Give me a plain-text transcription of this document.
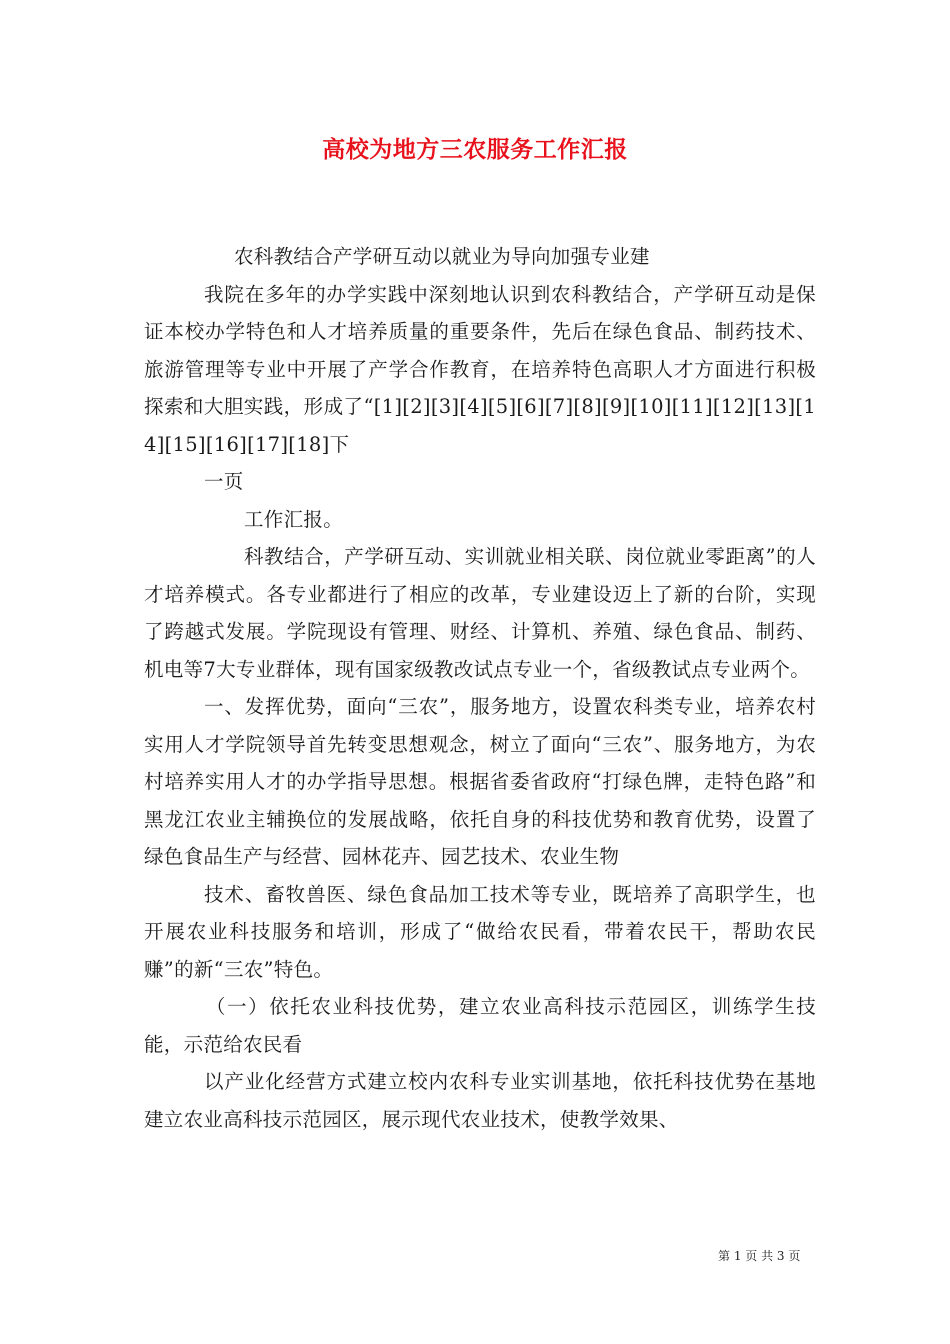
高校为地方三农服务工作汇报

农科教结合产学研互动以就业为导向加强专业建

我院在多年的办学实践中深刻地认识到农科教结合，产学研互动是保证本校办学特色和人才培养质量的重要条件，先后在绿色食品、制药技术、旅游管理等专业中开展了产学合作教育，在培养特色高职人才方面进行积极探索和大胆实践，形成了“[1][2][3][4][5][6][7][8][9][10][11][12][13][14][15][16][17][18]下

一页

工作汇报。

科教结合，产学研互动、实训就业相关联、岗位就业零距离”的人才培养模式。各专业都进行了相应的改革，专业建设迈上了新的台阶，实现了跨越式发展。学院现设有管理、财经、计算机、养殖、绿色食品、制药、机电等7大专业群体，现有国家级教改试点专业一个，省级教试点专业两个。

一、发挥优势，面向“三农”，服务地方，设置农科类专业，培养农村实用人才学院领导首先转变思想观念，树立了面向“三农”、服务地方，为农村培养实用人才的办学指导思想。根据省委省政府“打绿色牌，走特色路”和黑龙江农业主辅换位的发展战略，依托自身的科技优势和教育优势，设置了绿色食品生产与经营、园林花卉、园艺技术、农业生物

技术、畜牧兽医、绿色食品加工技术等专业，既培养了高职学生，也开展农业科技服务和培训，形成了“做给农民看，带着农民干，帮助农民赚”的新“三农”特色。

（一）依托农业科技优势，建立农业高科技示范园区，训练学生技能，示范给农民看

以产业化经营方式建立校内农科专业实训基地，依托科技优势在基地建立农业高科技示范园区，展示现代农业技术，使教学效果、

第 1 页 共 3 页
